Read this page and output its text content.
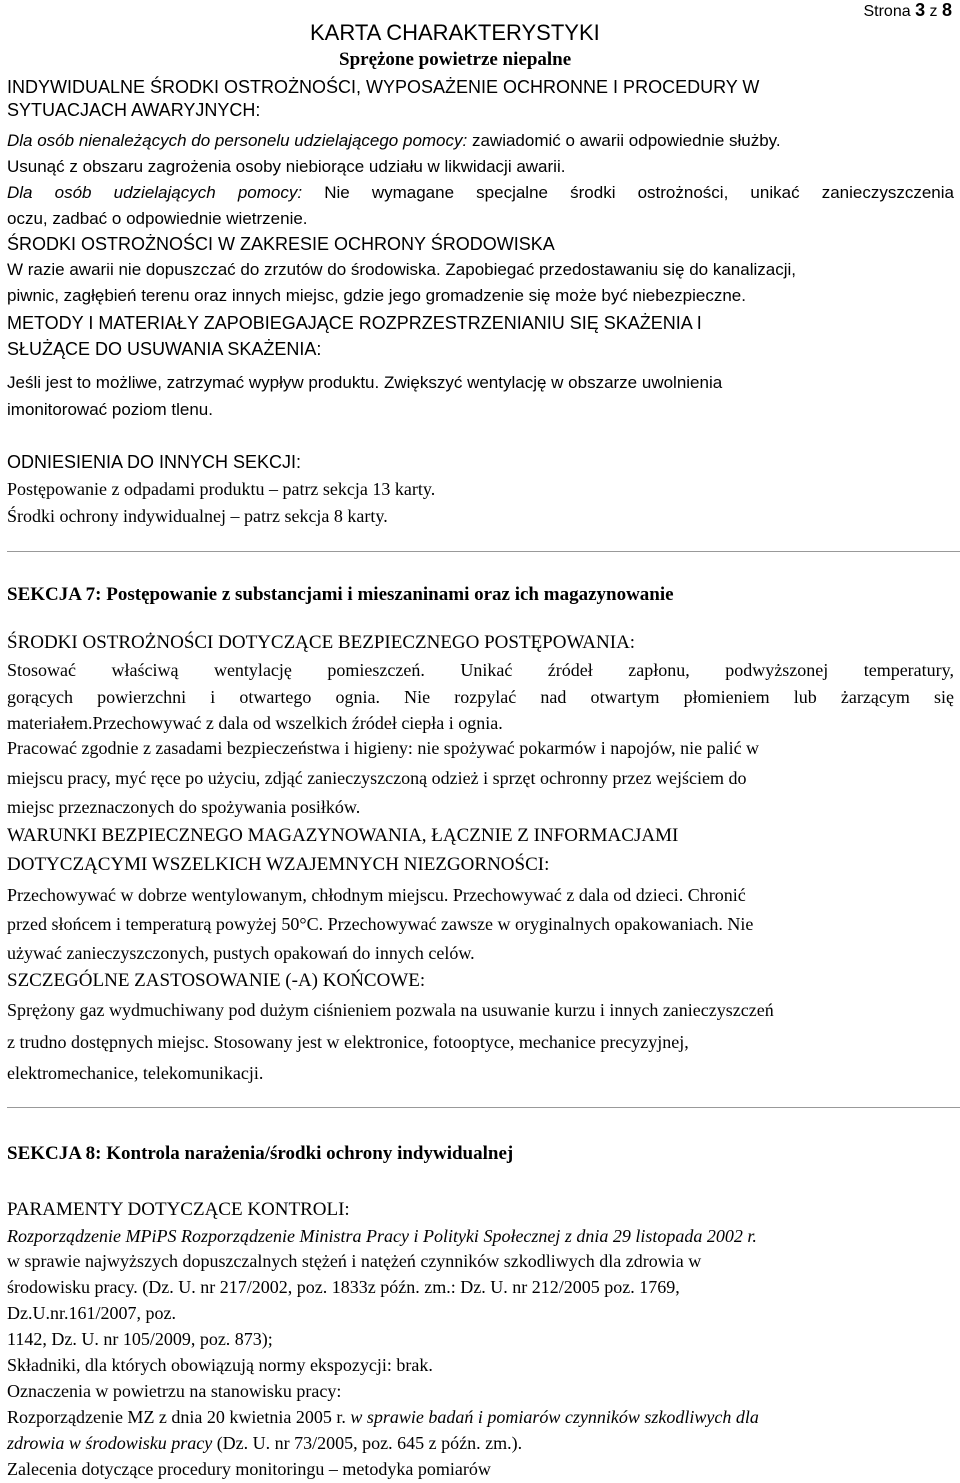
Strona 3 z 8
KARTA CHARAKTERYSTYKI
Sprężone powietrze niepalne
INDYWIDUALNE ŚRODKI OSTROŻNOŚCI, WYPOSAŻENIE OCHRONNE I PROCEDURY W
SYTUACJACH AWARYJNYCH:
Dla osób nienależących do personelu udzielającego pomocy: zawiadomić o awarii odpowiednie służby.
Usunąć z obszaru zagrożenia osoby niebiorące udziału w likwidacji awarii.
Dla osób udzielających pomocy: Nie wymagane specjalne środki ostrożności, unikać zanieczyszczenia
oczu, zadbać o odpowiednie wietrzenie.
ŚRODKI OSTROŻNOŚCI W ZAKRESIE OCHRONY ŚRODOWISKA
W razie awarii nie dopuszczać do zrzutów do środowiska. Zapobiegać przedostawaniu się do kanalizacji,
piwnic, zagłębień terenu oraz innych miejsc, gdzie jego gromadzenie się może być niebezpieczne.
METODY I MATERIAŁY ZAPOBIEGAJĄCE ROZPRZESTRZENIANIU SIĘ SKAŻENIA I
SŁUŻĄCE DO USUWANIA SKAŻENIA:
Jeśli jest to możliwe, zatrzymać wypływ produktu. Zwiększyć wentylację w obszarze uwolnienia
imonitorować poziom tlenu.
ODNIESIENIA DO INNYCH SEKCJI:
Postępowanie z odpadami produktu – patrz sekcja 13 karty.
Środki ochrony indywidualnej – patrz sekcja 8 karty.
SEKCJA 7: Postępowanie z substancjami i mieszaninami oraz ich magazynowanie
ŚRODKI OSTROŻNOŚCI DOTYCZĄCE BEZPIECZNEGO POSTĘPOWANIA:
Stosować właściwą wentylację pomieszczeń. Unikać źródeł zapłonu, podwyższonej temperatury,
gorących powierzchni i otwartego ognia. Nie rozpylać nad otwartym płomieniem lub żarzącym się
materiałem.Przechowywać z dala od wszelkich źródeł ciepła i ognia.
Pracować zgodnie z zasadami bezpieczeństwa i higieny: nie spożywać pokarmów i napojów, nie palić w
miejscu pracy, myć ręce po użyciu, zdjąć zanieczyszczoną odzież i sprzęt ochronny przez wejściem do
miejsc przeznaczonych do spożywania posiłków.
WARUNKI BEZPIECZNEGO MAGAZYNOWANIA, ŁĄCZNIE Z INFORMACJAMI
DOTYCZĄCYMI WSZELKICH WZAJEMNYCH NIEZGORNOŚCI:
Przechowywać w dobrze wentylowanym, chłodnym miejscu. Przechowywać z dala od dzieci. Chronić
przed słońcem i temperaturą powyżej 50°C. Przechowywać zawsze w oryginalnych opakowaniach. Nie
używać zanieczyszczonych, pustych opakowań do innych celów.
SZCZEGÓLNE ZASTOSOWANIE (-A) KOŃCOWE:
Sprężony gaz wydmuchiwany pod dużym ciśnieniem pozwala na usuwanie kurzu i innych zanieczyszczeń
z trudno dostępnych miejsc. Stosowany jest w elektronice, fotooptyce, mechanice precyzyjnej,
elektromechanice, telekomunikacji.
SEKCJA 8: Kontrola narażenia/środki ochrony indywidualnej
PARAMENTY DOTYCZĄCE KONTROLI:
Rozporządzenie MPiPS Rozporządzenie Ministra Pracy i Polityki Społecznej z dnia 29 listopada 2002 r.
w sprawie najwyższych dopuszczalnych stężeń i natężeń czynników szkodliwych dla zdrowia w
środowisku pracy. (Dz. U. nr 217/2002, poz. 1833z późn. zm.: Dz. U. nr 212/2005 poz. 1769,
Dz.U.nr.161/2007, poz.
1142, Dz. U. nr 105/2009, poz. 873);
Składniki, dla których obowiązują normy ekspozycji: brak.
Oznaczenia w powietrzu na stanowisku pracy:
Rozporządzenie MZ z dnia 20 kwietnia 2005 r. w sprawie badań i pomiarów czynników szkodliwych dla
zdrowia w środowisku pracy (Dz. U. nr 73/2005, poz. 645 z późn. zm.).
Zalecenia dotyczące procedury monitoringu – metodyka pomiarów
